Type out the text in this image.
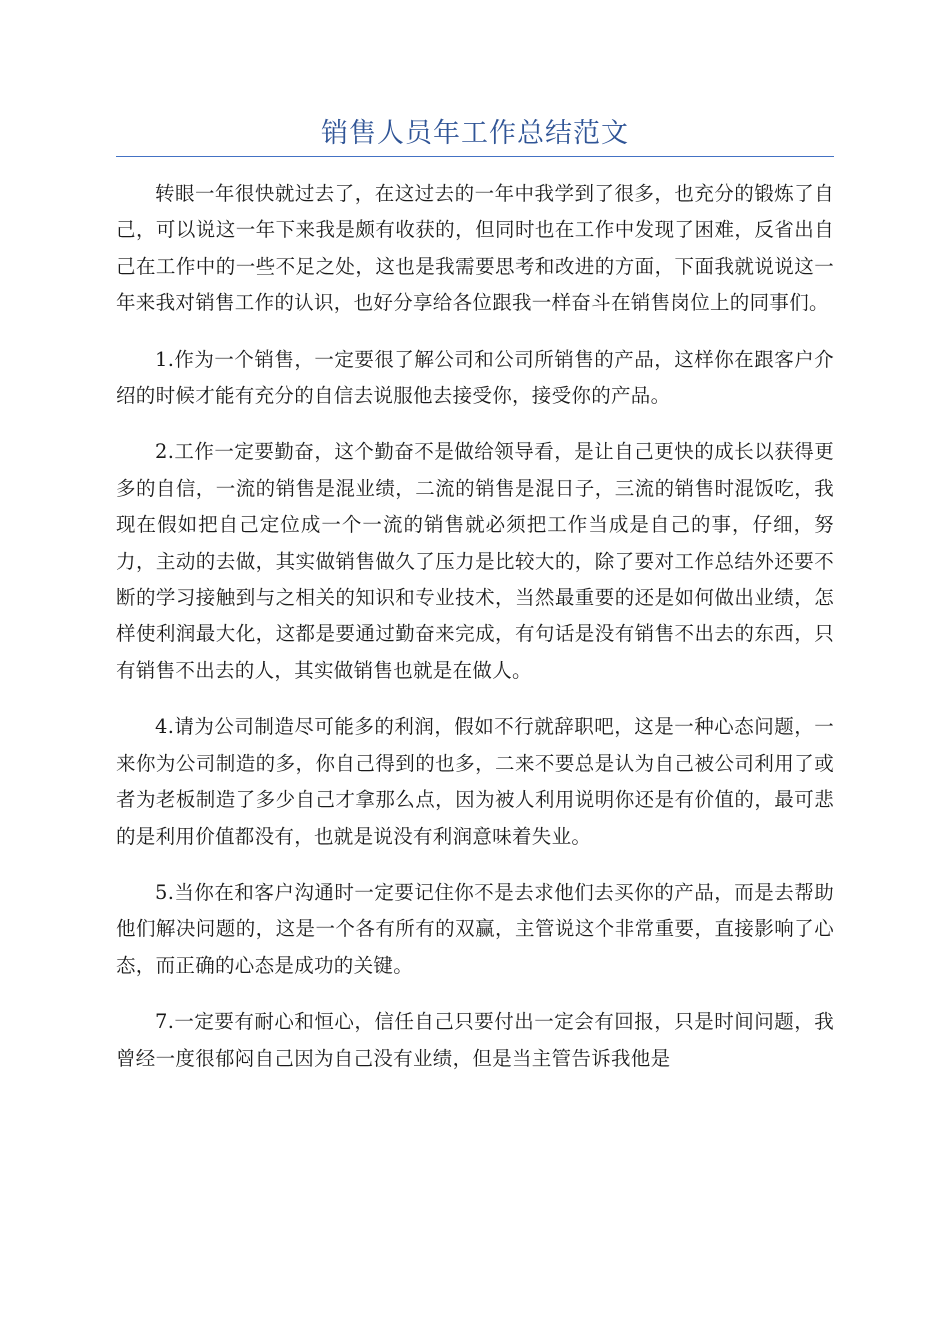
销售人员年工作总结范文

转眼一年很快就过去了，在这过去的一年中我学到了很多，也充分的锻炼了自己，可以说这一年下来我是颇有收获的，但同时也在工作中发现了困难，反省出自己在工作中的一些不足之处，这也是我需要思考和改进的方面，下面我就说说这一年来我对销售工作的认识，也好分享给各位跟我一样奋斗在销售岗位上的同事们。

1.作为一个销售，一定要很了解公司和公司所销售的产品，这样你在跟客户介绍的时候才能有充分的自信去说服他去接受你，接受你的产品。

2.工作一定要勤奋，这个勤奋不是做给领导看，是让自己更快的成长以获得更多的自信，一流的销售是混业绩，二流的销售是混日子，三流的销售时混饭吃，我现在假如把自己定位成一个一流的销售就必须把工作当成是自己的事，仔细，努力，主动的去做，其实做销售做久了压力是比较大的，除了要对工作总结外还要不断的学习接触到与之相关的知识和专业技术，当然最重要的还是如何做出业绩，怎样使利润最大化，这都是要通过勤奋来完成，有句话是没有销售不出去的东西，只有销售不出去的人，其实做销售也就是在做人。

4.请为公司制造尽可能多的利润，假如不行就辞职吧，这是一种心态问题，一来你为公司制造的多，你自己得到的也多，二来不要总是认为自己被公司利用了或者为老板制造了多少自己才拿那么点，因为被人利用说明你还是有价值的，最可悲的是利用价值都没有，也就是说没有利润意味着失业。

5.当你在和客户沟通时一定要记住你不是去求他们去买你的产品，而是去帮助他们解决问题的，这是一个各有所有的双赢，主管说这个非常重要，直接影响了心态，而正确的心态是成功的关键。

7.一定要有耐心和恒心，信任自己只要付出一定会有回报，只是时间问题，我曾经一度很郁闷自己因为自己没有业绩，但是当主管告诉我他是
